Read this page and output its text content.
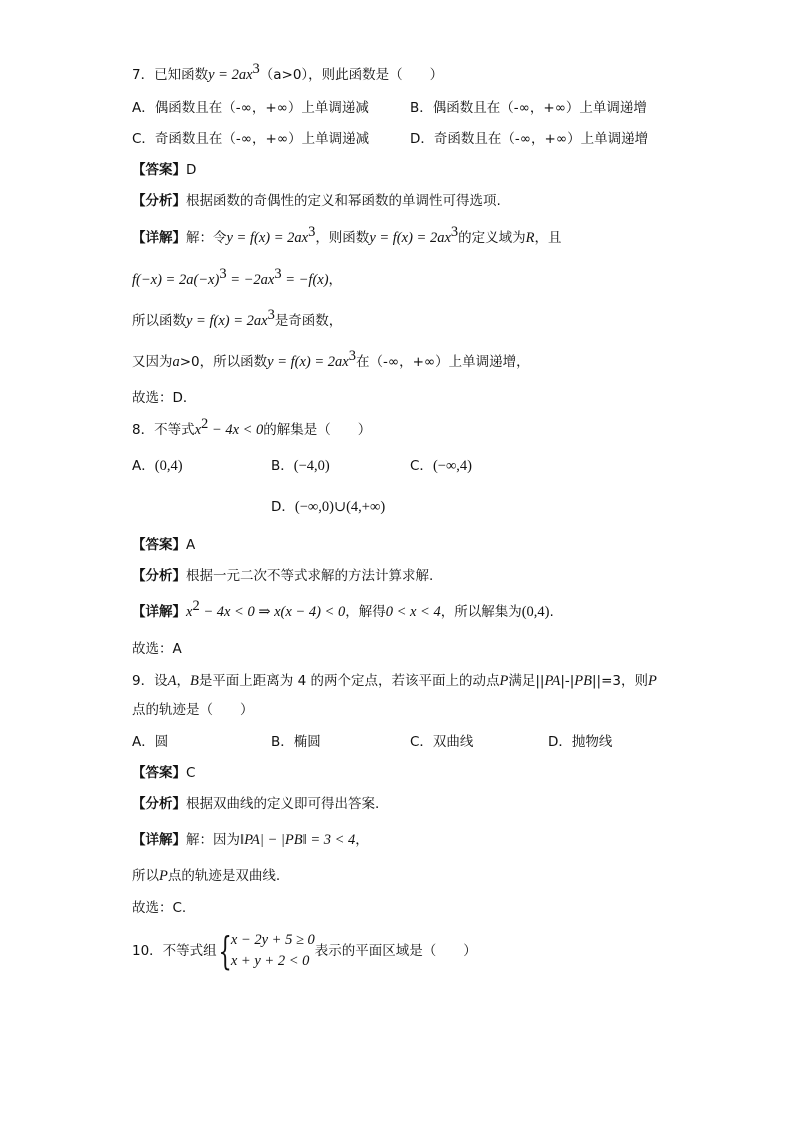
7．已知函数$y = 2ax^3(a>0)$，则此函数是（　　）
A．偶函数且在（-∞，+∞）上单调递减	B．偶函数且在（-∞，+∞）上单调递增
C．奇函数且在（-∞，+∞）上单调递减	D．奇函数且在（-∞，+∞）上单调递增
【答案】D
【分析】根据函数的奇偶性的定义和幂函数的单调性可得选项.
【详解】解：令$y = f(x) = 2ax^3$，则函数$y = f(x) = 2ax^3$的定义域为R，且
$f(-x) = 2a(-x)^3 = -2ax^3 = -f(x)$，
所以函数$y = f(x) = 2ax^3$是奇函数，
又因为a>0，所以函数$y = f(x) = 2ax^3$在（-∞，+∞）上单调递增，
故选：D．
8．不等式$x^2 - 4x < 0$的解集是（　　）
A．(0,4)	B．(−4,0)	C．(−∞,4)
D．(−∞,0)∪(4,+∞)
【答案】A
【分析】根据一元二次不等式求解的方法计算求解.
【详解】$x^2 - 4x < 0$ ⇒ x(x − 4) < 0，解得0 < x < 4，所以解集为(0,4).
故选：A
9．设A，B是平面上距离为 4 的两个定点，若该平面上的动点P满足||PA|-|PB||=3，则P
点的轨迹是（　　）
A．圆	B．椭圆	C．双曲线	D．抛物线
【答案】C
【分析】根据双曲线的定义即可得出答案.
【详解】解：因为‖PA| − |PB‖ = 3 < 4，
所以P点的轨迹是双曲线.
故选：C.
10．不等式组{ x − 2y + 5 ≥ 0
x + y + 2 < 0
表示的平面区域是（　　）
